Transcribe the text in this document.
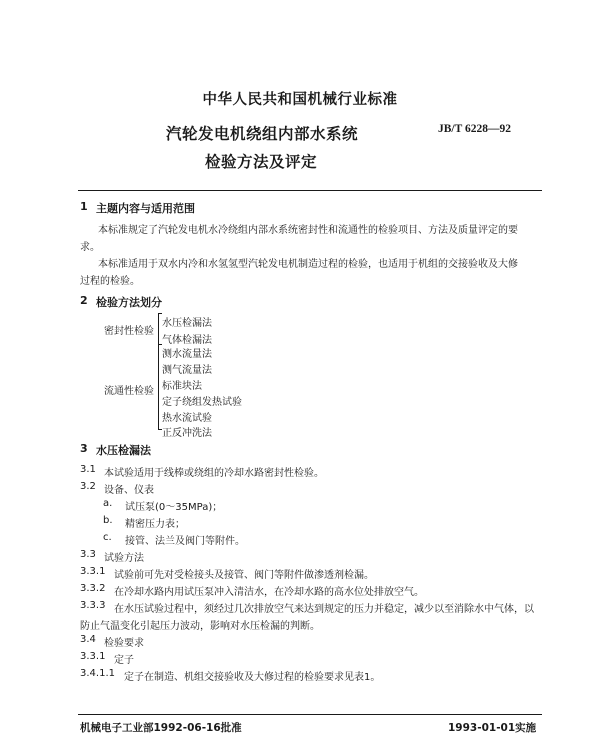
中华人民共和国机械行业标准
汽轮发电机绕组内部水系统
检验方法及评定
JB/T 6228—92
1 主题内容与适用范围
本标准规定了汽轮发电机水冷绕组内部水系统密封性和流通性的检验项目、方法及质量评定的要
求。
本标准适用于双水内冷和水氢氢型汽轮发电机制造过程的检验，也适用于机组的交接验收及大修
过程的检验。
2 检验方法划分
密封性检验
水压检漏法
气体检漏法
流通性检验
测水流量法
测气流量法
标准块法
定子绕组发热试验
热水流试验
正反冲洗法
3 水压检漏法
3.1 本试验适用于线棒或绕组的冷却水路密封性检验。
3.2 设备、仪表
a. 试压泵(0～35MPa)；
b. 精密压力表；
c. 接管、法兰及阀门等附件。
3.3 试验方法
3.3.1 试验前可先对受检接头及接管、阀门等附件做渗透剂检漏。
3.3.2 在冷却水路内用试压泵冲入清洁水，在冷却水路的高水位处排放空气。
3.3.3 在水压试验过程中，须经过几次排放空气来达到规定的压力并稳定，减少以至消除水中气体，以
防止气温变化引起压力波动，影响对水压检漏的判断。
3.4 检验要求
3.3.1 定子
3.4.1.1 定子在制造、机组交接验收及大修过程的检验要求见表1。
机械电子工业部1992-06-16批准	1993-01-01实施
